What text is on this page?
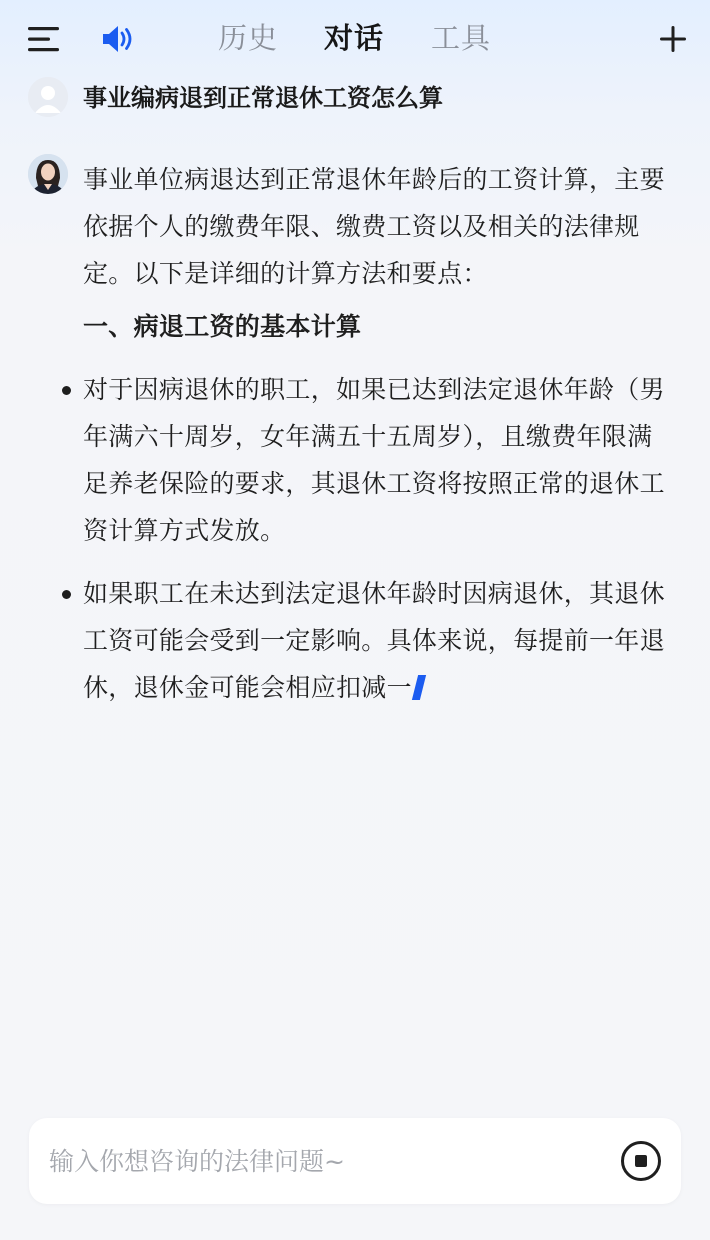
历史 对话 工具
事业编病退到正常退休工资怎么算

事业单位病退达到正常退休年龄后的工资计算，主要依据个人的缴费年限、缴费工资以及相关的法律规定。以下是详细的计算方法和要点：

一、病退工资的基本计算
对于因病退休的职工，如果已达到法定退休年龄（男年满六十周岁，女年满五十五周岁），且缴费年限满足养老保险的要求，其退休工资将按照正常的退休工资计算方式发放。
如果职工在未达到法定退休年龄时因病退休，其退休工资可能会受到一定影响。具体来说，每提前一年退休，退休金可能会相应扣减一
输入你想咨询的法律问题~
